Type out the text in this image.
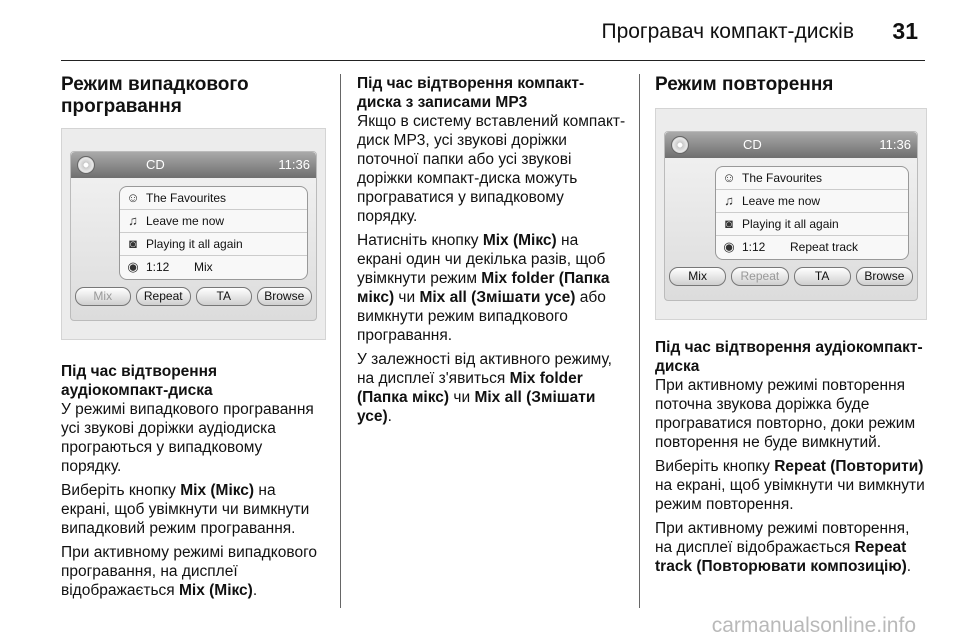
Програвач компакт-дисків 31
Режим випадкового програвання
CD	11:36
☺ The Favourites
♫ Leave me now
◙ Playing it all again
◉ 1:12 Mix
Mix	Repeat	TA	Browse
Під час відтворення аудіокомпакт-диска
У режимі випадкового програвання усі звукові доріжки аудіодиска програються у випадковому порядку.
Виберіть кнопку Mix (Мікс) на екрані, щоб увімкнути чи вимкнути випадковий режим програвання.
При активному режимі випадкового програвання, на дисплеї відображається Mix (Мікс).
Під час відтворення компакт-диска з записами MP3
Якщо в систему вставлений компакт-диск MP3, усі звукові доріжки поточної папки або усі звукові доріжки компакт-диска можуть програватися у випадковому порядку.
Натисніть кнопку Mix (Мікс) на екрані один чи декілька разів, щоб увімкнути режим Mix folder (Папка мікс) чи Mix all (Змішати усе) або вимкнути режим випадкового програвання.
У залежності від активного режиму, на дисплеї з'явиться Mix folder (Папка мікс) чи Mix all (Змішати усе).
Режим повторення
CD	11:36
☺ The Favourites
♫ Leave me now
◙ Playing it all again
◉ 1:12 Repeat track
Mix	Repeat	TA	Browse
Під час відтворення аудіокомпакт-диска
При активному режимі повторення поточна звукова доріжка буде програватися повторно, доки режим повторення не буде вимкнутий.
Виберіть кнопку Repeat (Повторити) на екрані, щоб увімкнути чи вимкнути режим повторення.
При активному режимі повторення, на дисплеї відображається Repeat track (Повторювати композицію).
carmanualsonline.info
